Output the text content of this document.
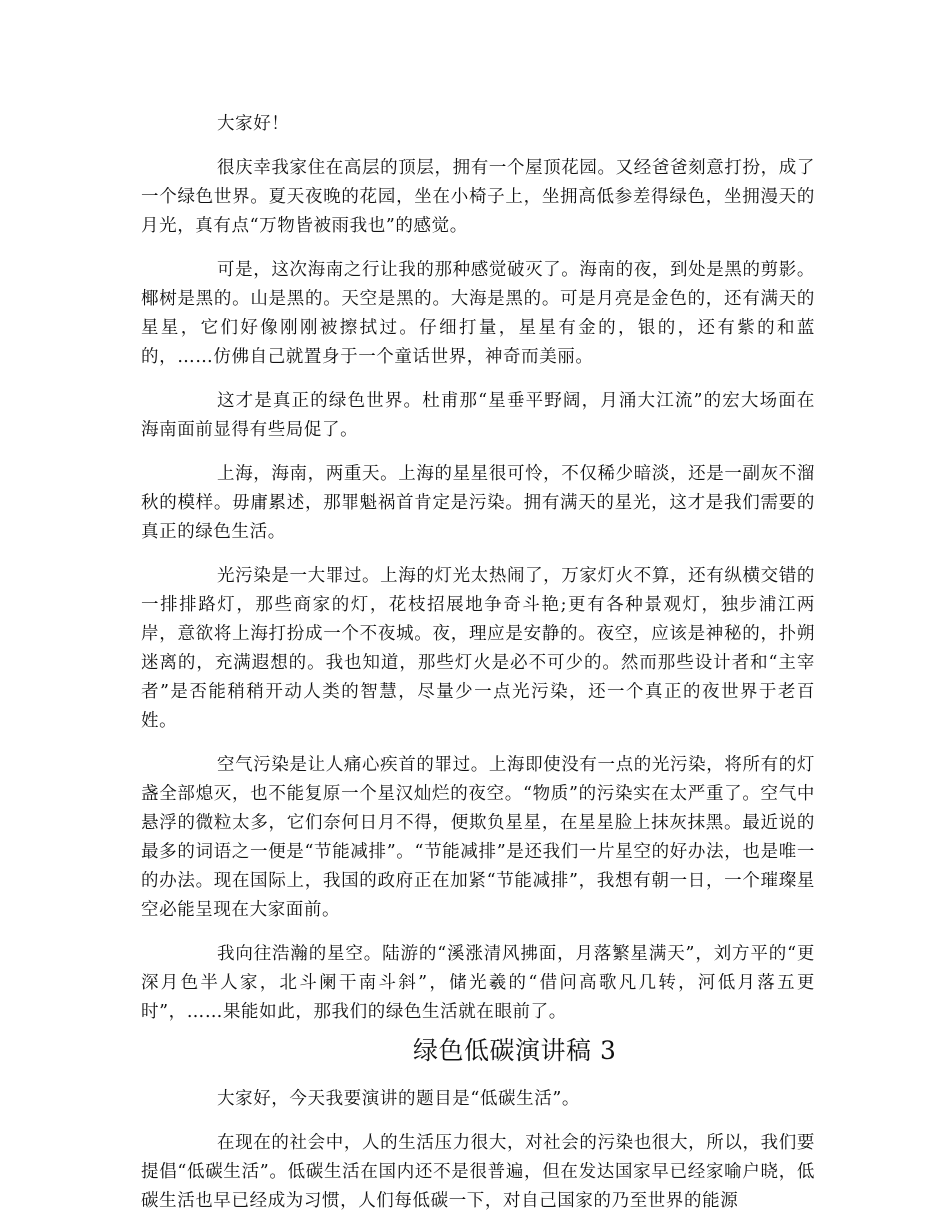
大家好！

很庆幸我家住在高层的顶层，拥有一个屋顶花园。又经爸爸刻意打扮，成了一个绿色世界。夏天夜晚的花园，坐在小椅子上，坐拥高低参差得绿色，坐拥漫天的月光，真有点“万物皆被雨我也”的感觉。

可是，这次海南之行让我的那种感觉破灭了。海南的夜，到处是黑的剪影。椰树是黑的。山是黑的。天空是黑的。大海是黑的。可是月亮是金色的，还有满天的星星，它们好像刚刚被擦拭过。仔细打量，星星有金的，银的，还有紫的和蓝的，……仿佛自己就置身于一个童话世界，神奇而美丽。

这才是真正的绿色世界。杜甫那“星垂平野阔，月涌大江流”的宏大场面在海南面前显得有些局促了。

上海，海南，两重天。上海的星星很可怜，不仅稀少暗淡，还是一副灰不溜秋的模样。毋庸累述，那罪魁祸首肯定是污染。拥有满天的星光，这才是我们需要的真正的绿色生活。

光污染是一大罪过。上海的灯光太热闹了，万家灯火不算，还有纵横交错的一排排路灯，那些商家的灯，花枝招展地争奇斗艳;更有各种景观灯，独步浦江两岸，意欲将上海打扮成一个不夜城。夜，理应是安静的。夜空，应该是神秘的，扑朔迷离的，充满遐想的。我也知道，那些灯火是必不可少的。然而那些设计者和“主宰者”是否能稍稍开动人类的智慧，尽量少一点光污染，还一个真正的夜世界于老百姓。

空气污染是让人痛心疾首的罪过。上海即使没有一点的光污染，将所有的灯盏全部熄灭，也不能复原一个星汉灿烂的夜空。“物质”的污染实在太严重了。空气中悬浮的微粒太多，它们奈何日月不得，便欺负星星，在星星脸上抹灰抹黑。最近说的最多的词语之一便是“节能减排”。“节能减排”是还我们一片星空的好办法，也是唯一的办法。现在国际上，我国的政府正在加紧“节能减排”，我想有朝一日，一个璀璨星空必能呈现在大家面前。

我向往浩瀚的星空。陆游的“溪涨清风拂面，月落繁星满天”，刘方平的“更深月色半人家，北斗阑干南斗斜”，储光羲的“借问高歌凡几转，河低月落五更时”，……果能如此，那我们的绿色生活就在眼前了。

绿色低碳演讲稿 3

大家好，今天我要演讲的题目是“低碳生活”。

在现在的社会中，人的生活压力很大，对社会的污染也很大，所以，我们要提倡“低碳生活”。低碳生活在国内还不是很普遍，但在发达国家早已经家喻户晓，低碳生活也早已经成为习惯，人们每低碳一下，对自己国家的乃至世界的能源
